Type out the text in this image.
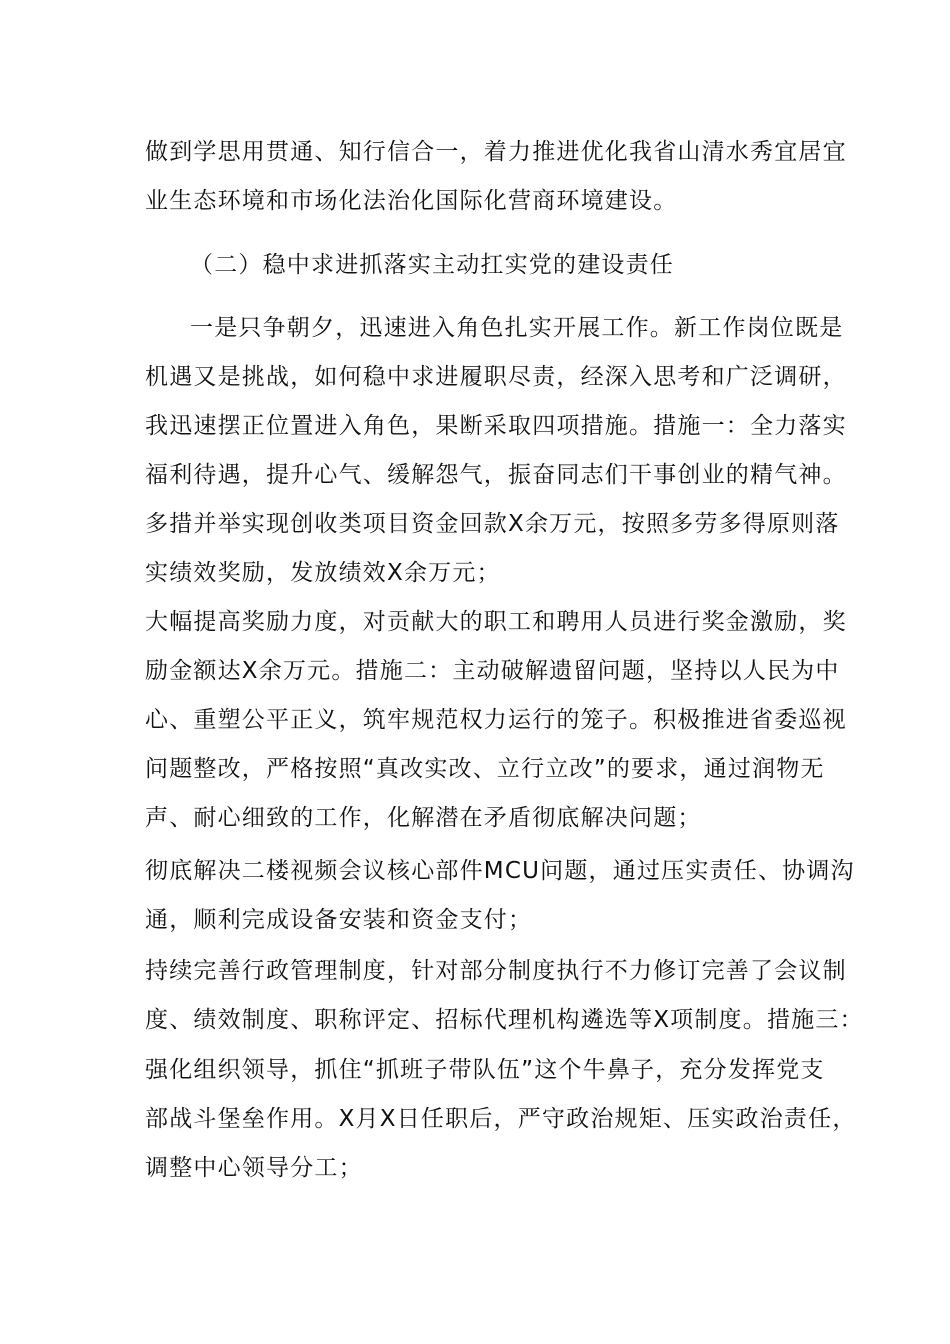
做到学思用贯通、知行信合一，着力推进优化我省山清水秀宜居宜
业生态环境和市场化法治化国际化营商环境建设。
（二）稳中求进抓落实主动扛实党的建设责任
一是只争朝夕，迅速进入角色扎实开展工作。新工作岗位既是
机遇又是挑战，如何稳中求进履职尽责，经深入思考和广泛调研，
我迅速摆正位置进入角色，果断采取四项措施。措施一：全力落实
福利待遇，提升心气、缓解怨气，振奋同志们干事创业的精气神。
多措并举实现创收类项目资金回款X余万元，按照多劳多得原则落
实绩效奖励，发放绩效X余万元；
大幅提高奖励力度，对贡献大的职工和聘用人员进行奖金激励，奖
励金额达X余万元。措施二：主动破解遗留问题，坚持以人民为中
心、重塑公平正义，筑牢规范权力运行的笼子。积极推进省委巡视
问题整改，严格按照“真改实改、立行立改”的要求，通过润物无
声、耐心细致的工作，化解潜在矛盾彻底解决问题；
彻底解决二楼视频会议核心部件MCU问题，通过压实责任、协调沟
通，顺利完成设备安装和资金支付；
持续完善行政管理制度，针对部分制度执行不力修订完善了会议制
度、绩效制度、职称评定、招标代理机构遴选等X项制度。措施三：
强化组织领导，抓住“抓班子带队伍”这个牛鼻子，充分发挥党支
部战斗堡垒作用。X月X日任职后，严守政治规矩、压实政治责任，
调整中心领导分工；
